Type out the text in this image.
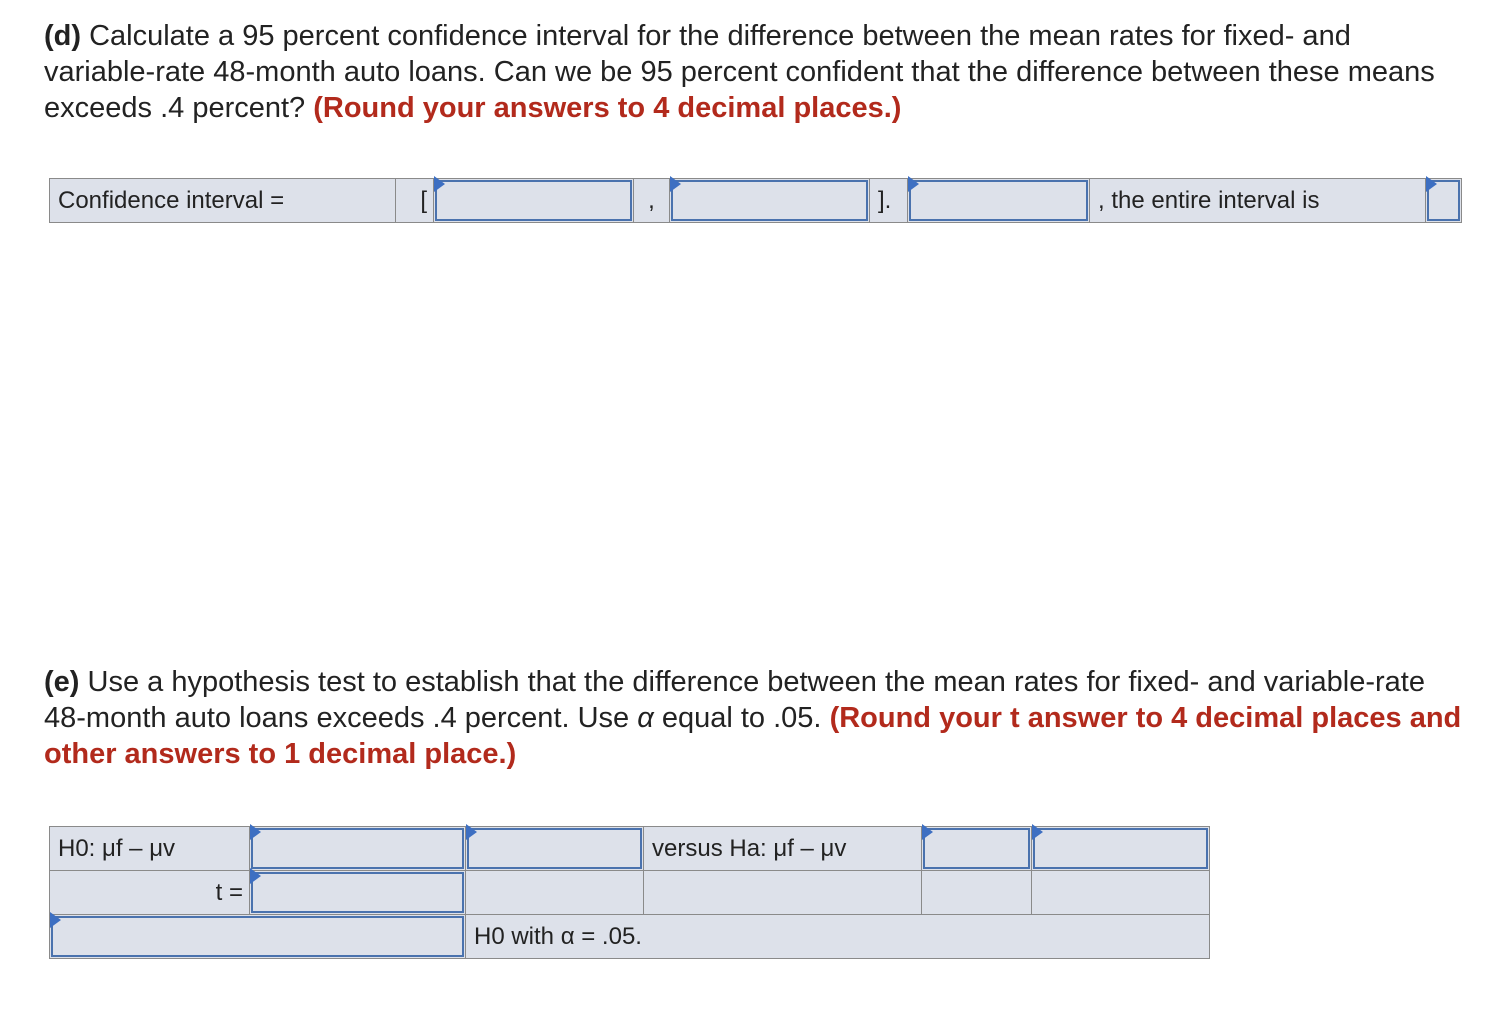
(d) Calculate a 95 percent confidence interval for the difference between the mean rates for fixed- and variable-rate 48-month auto loans. Can we be 95 percent confident that the difference between these means exceeds .4 percent? (Round your answers to 4 decimal places.)
Confidence interval =	[		,		].		, the entire interval is	
(e) Use a hypothesis test to establish that the difference between the mean rates for fixed- and variable-rate 48-month auto loans exceeds .4 percent. Use α equal to .05. (Round your t answer to 4 decimal places and other answers to 1 decimal place.)
H0: μf – μv			versus Ha: μf – μv	

t =	

		H0 with α = .05.			
